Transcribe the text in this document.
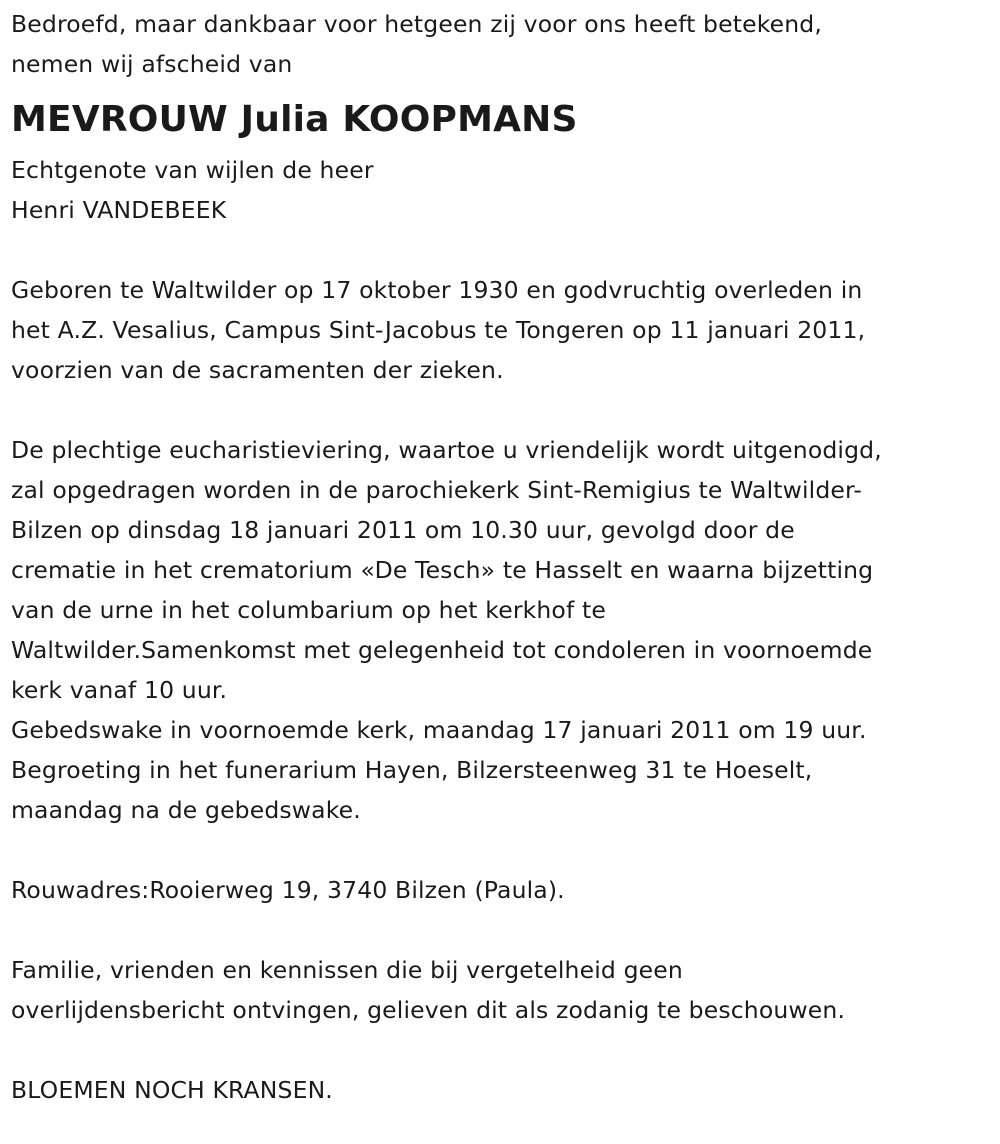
Bedroefd, maar dankbaar voor hetgeen zij voor ons heeft betekend,
nemen wij afscheid van
MEVROUW Julia KOOPMANS
Echtgenote van wijlen de heer
Henri VANDEBEEK
Geboren te Waltwilder op 17 oktober 1930 en godvruchtig overleden in
het A.Z. Vesalius, Campus Sint-Jacobus te Tongeren op 11 januari 2011,
voorzien van de sacramenten der zieken.
De plechtige eucharistieviering, waartoe u vriendelijk wordt uitgenodigd,
zal opgedragen worden in de parochiekerk Sint-Remigius te Waltwilder-
Bilzen op dinsdag 18 januari 2011 om 10.30 uur, gevolgd door de
crematie in het crematorium «De Tesch» te Hasselt en waarna bijzetting
van de urne in het columbarium op het kerkhof te
Waltwilder.Samenkomst met gelegenheid tot condoleren in voornoemde
kerk vanaf 10 uur.
Gebedswake in voornoemde kerk, maandag 17 januari 2011 om 19 uur.
Begroeting in het funerarium Hayen, Bilzersteenweg 31 te Hoeselt,
maandag na de gebedswake.
Rouwadres:Rooierweg 19, 3740 Bilzen (Paula).
Familie, vrienden en kennissen die bij vergetelheid geen
overlijdensbericht ontvingen, gelieven dit als zodanig te beschouwen.
BLOEMEN NOCH KRANSEN.
